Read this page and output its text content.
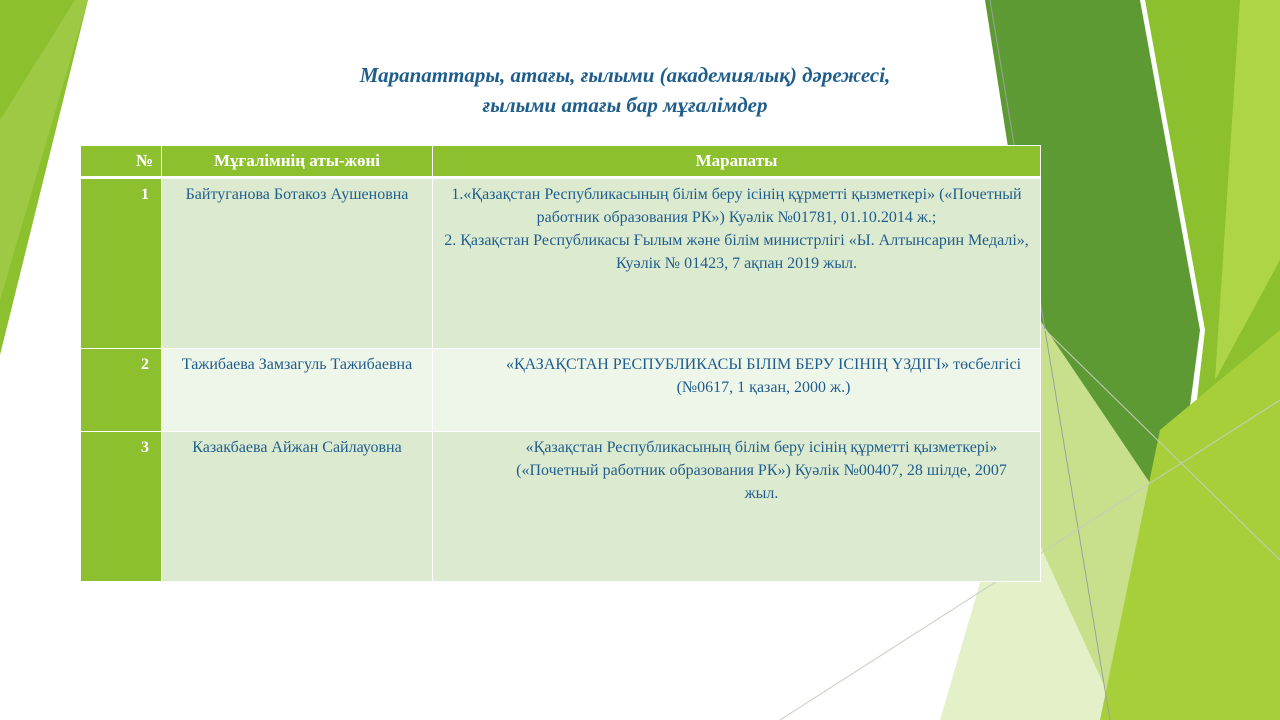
Марапаттары, атағы, ғылыми (академиялық) дәрежесі,
ғылыми атағы бар мұғалімдер
№	Мұғалімнің аты-жөні	Марапаты
1	Байтуганова Ботакоз Аушеновна	1.«Қазақстан Республикасының білім беру ісінің құрметті қызметкері» («Почетный работник образования РК») Куәлік №01781, 01.10.2014 ж.;
2. Қазақстан Республикасы Ғылым және білім министрлігі «Ы. Алтынсарин Медалі», Куәлік № 01423, 7 ақпан 2019 жыл.

2	Тажибаева Замзагуль Тажибаевна	«ҚАЗАҚСТАН РЕСПУБЛИКАСЫ БІЛІМ БЕРУ ІСІНІҢ ҮЗДІГІ» төсбелгісі (№0617, 1 қазан, 2000 ж.)

3	Казакбаева Айжан Сайлауовна	«Қазақстан Республикасының білім беру ісінің құрметті қызметкері» («Почетный работник образования РК») Куәлік №00407, 28 шілде, 2007 жыл.
